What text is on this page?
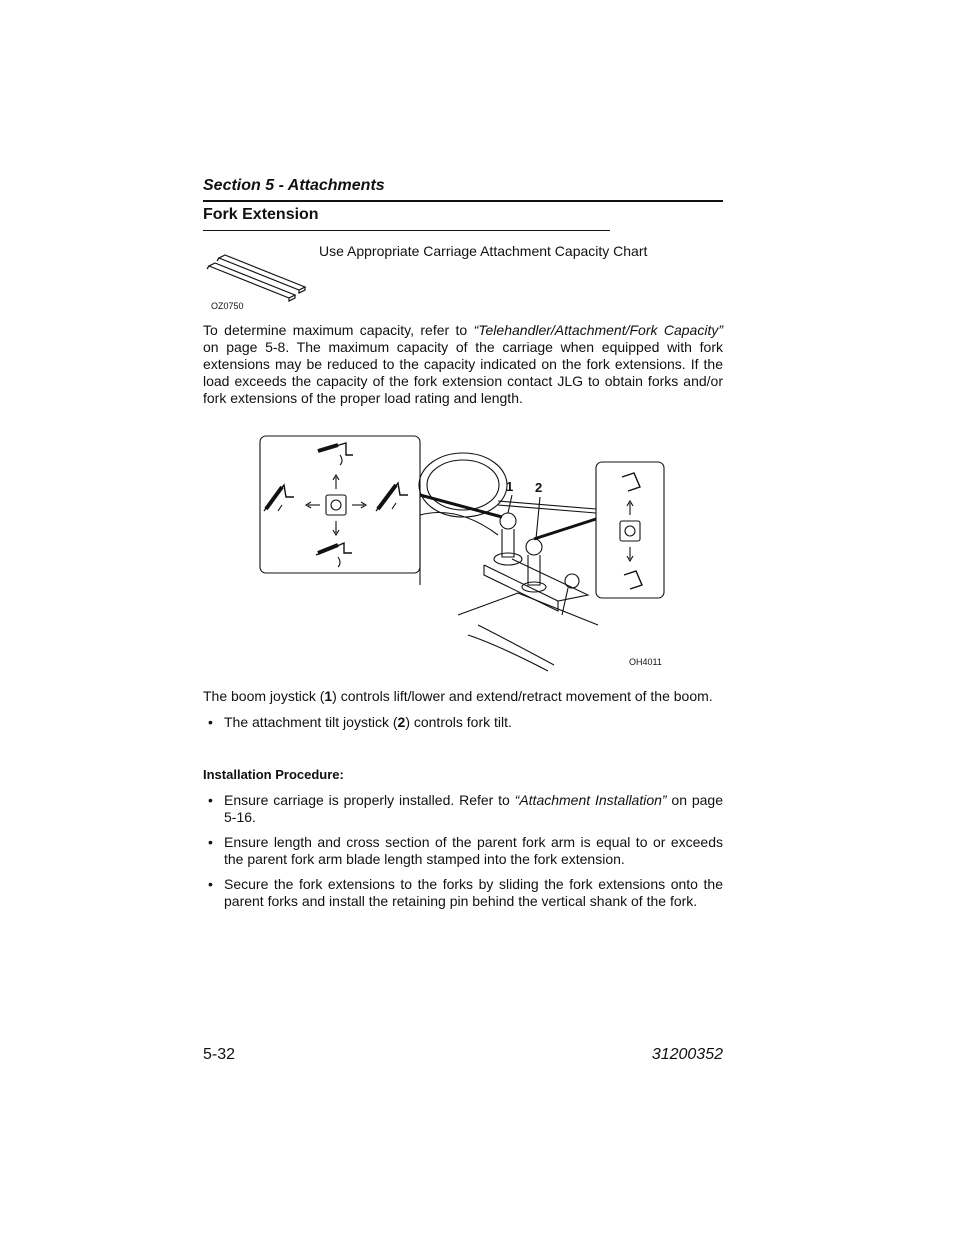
Section 5 - Attachments
Fork Extension
Use Appropriate Carriage Attachment Capacity Chart
OZ0750
To determine maximum capacity, refer to “Telehandler/Attachment/Fork Capacity” on page 5-8. The maximum capacity of the carriage when equipped with fork extensions may be reduced to the capacity indicated on the fork extensions. If the load exceeds the capacity of the fork extension contact JLG to obtain forks and/or fork extensions of the proper load rating and length.
1 2
OH4011
The boom joystick (1) controls lift/lower and extend/retract movement of the boom.
• The attachment tilt joystick (2) controls fork tilt.
Installation Procedure:
• Ensure carriage is properly installed. Refer to “Attachment Installation” on page 5-16.
• Ensure length and cross section of the parent fork arm is equal to or exceeds the parent fork arm blade length stamped into the fork extension.
• Secure the fork extensions to the forks by sliding the fork extensions onto the parent forks and install the retaining pin behind the vertical shank of the fork.
5-32	31200352
